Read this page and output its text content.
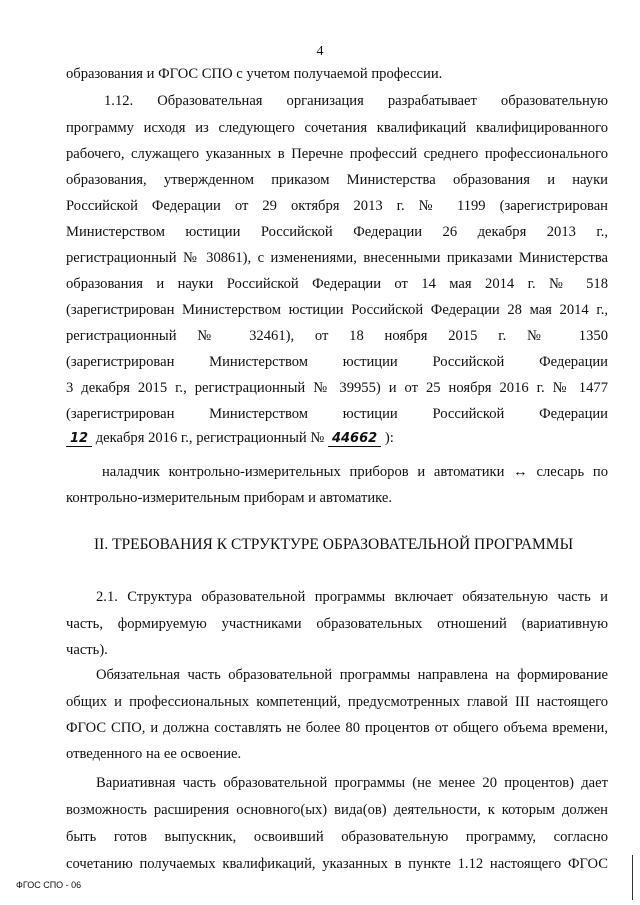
4
образования и ФГОС СПО с учетом получаемой профессии.
1.12. Образовательная организация разрабатывает образовательную
программу исходя из следующего сочетания квалификаций квалифицированного
рабочего, служащего указанных в Перечне профессий среднего профессионального
образования, утвержденном приказом Министерства образования и науки
Российской Федерации от 29 октября 2013 г. № 1199 (зарегистрирован
Министерством юстиции Российской Федерации 26 декабря 2013 г.,
регистрационный № 30861), с изменениями, внесенными приказами Министерства
образования и науки Российской Федерации от 14 мая 2014 г. № 518
(зарегистрирован Министерством юстиции Российской Федерации 28 мая 2014 г.,
регистрационный № 32461), от 18 ноября 2015 г. № 1350
(зарегистрирован Министерством юстиции Российской Федерации
3 декабря 2015 г., регистрационный № 39955) и от 25 ноября 2016 г. № 1477
(зарегистрирован Министерством юстиции Российской Федерации
12 декабря 2016 г., регистрационный № 44662 ):
наладчик контрольно-измерительных приборов и автоматики ↔ слесарь по
контрольно-измерительным приборам и автоматике.
II. ТРЕБОВАНИЯ К СТРУКТУРЕ ОБРАЗОВАТЕЛЬНОЙ ПРОГРАММЫ
2.1. Структура образовательной программы включает обязательную часть и
часть, формируемую участниками образовательных отношений (вариативную
часть).
Обязательная часть образовательной программы направлена на формирование
общих и профессиональных компетенций, предусмотренных главой III настоящего
ФГОС СПО, и должна составлять не более 80 процентов от общего объема времени,
отведенного на ее освоение.
Вариативная часть образовательной программы (не менее 20 процентов) дает
возможность расширения основного(ых) вида(ов) деятельности, к которым должен
быть готов выпускник, освоивший образовательную программу, согласно
сочетанию получаемых квалификаций, указанных в пункте 1.12 настоящего ФГОС
ФГОС СПО - 06
